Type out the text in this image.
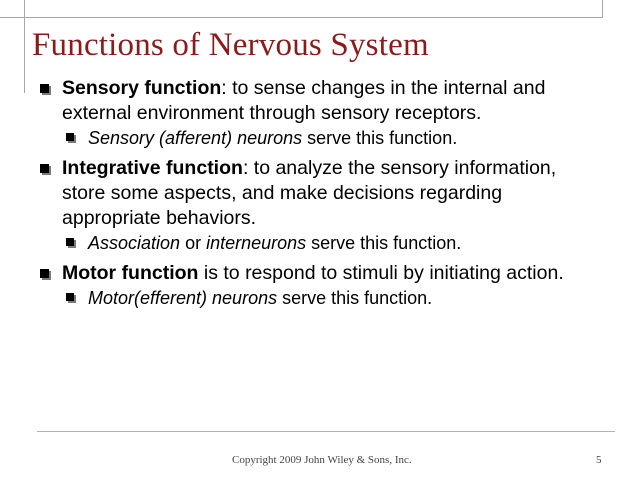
Functions of Nervous System
Sensory function: to sense changes in the internal and external environment through sensory receptors.
Sensory (afferent) neurons serve this function.
Integrative function: to analyze the sensory information, store some aspects, and make decisions regarding appropriate behaviors.
Association or interneurons serve this function.
Motor function is to respond to stimuli by initiating action.
Motor(efferent) neurons serve this function.
Copyright 2009 John Wiley & Sons, Inc.	5
